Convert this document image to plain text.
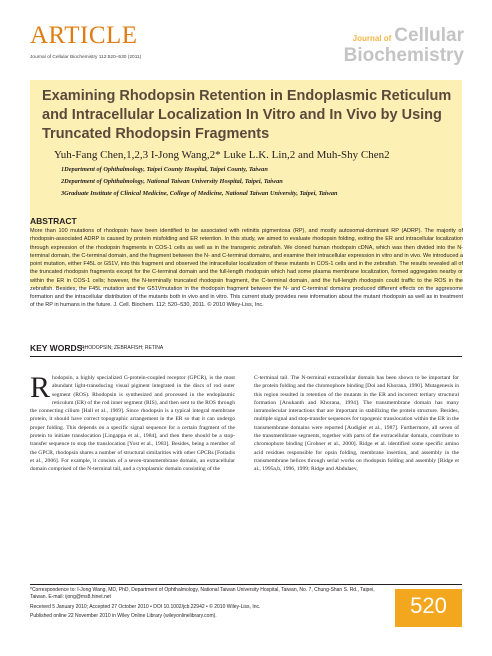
ARTICLE
Journal of Cellular Biochemistry 112:520–530 (2011)
Journal of Cellular
Biochemistry
Examining Rhodopsin Retention in Endoplasmic Reticulum and Intracellular Localization In Vitro and In Vivo by Using Truncated Rhodopsin Fragments
Yuh-Fang Chen,1,2,3 I-Jong Wang,2* Luke L.K. Lin,2 and Muh-Shy Chen2
1Department of Ophthalmology, Taipei County Hospital, Taipei County, Taiwan
2Department of Ophthalmology, National Taiwan University Hospital, Taipei, Taiwan
3Graduate Institute of Clinical Medicine, College of Medicine, National Taiwan University, Taipei, Taiwan
ABSTRACT
More than 100 mutations of rhodopsin have been identified to be associated with retinitis pigmentosa (RP), and mostly autosomal-dominant RP (ADRP). The majority of rhodopsin-associated ADRP is caused by protein misfolding and ER retention. In this study, we aimed to evaluate rhodopsin folding, exiting the ER and intracellular localization through expression of the rhodopsin fragments in COS-1 cells as well as in the transgenic zebrafish. We cloned human rhodopsin cDNA, which was then divided into the N-terminal domain, the C-terminal domain, and the fragment between the N- and C-terminal domains, and examine their intracellular expression in vitro and in vivo. We introduced a point mutation, either F45L or G51V, into this fragment and observed the intracellular localization of these mutants in COS-1 cells and in the zebrafish. The results revealed all of the truncated rhodopsin fragments except for the C-terminal domain and the full-length rhodopsin which had some plasma membrane localization, formed aggregates nearby or within the ER in COS-1 cells; however, the N-terminally truncated rhodopsin fragment, the C-terminal domain, and the full-length rhodopsin could traffic to the ROS in the zebrafish. Besides, the F45L mutation and the G51Vmutation in the rhodopsin fragment between the N- and C-terminal domains produced different effects on the aggresome formation and the intracellular distribution of the mutants both in vivo and in vitro. This current study provides new information about the mutant rhodopsin as well as in treatment of the RP in humans in the future. J. Cell. Biochem. 112: 520–530, 2011. © 2010 Wiley-Liss, Inc.
KEY WORDS:
RHODOPSIN; ZEBRAFISH; RETINA
Rhodopsin, a highly specialized G-protein-coupled receptor (GPCR), is the most abundant light-transducing visual pigment integrated in the discs of rod outer segment (ROS). Rhodopsin is synthesized and processed in the endoplasmic reticulum (ER) of the rod inner segment (RIS), and then sent to the ROS through the connecting cilium [Hall et al., 1969]. Since rhodopsin is a typical integral membrane protein, it should have correct topographic arrangement in the ER so that it can undergo proper folding. This depends on a specific signal sequence for a certain fragment of the protein to initiate translocation [Lingappa et al., 1984], and then there should be a stop-transfer sequence to stop the translocation [Yost et al., 1983]. Besides, being a member of the GPCR, rhodopsin shares a number of structural similarities with other GPCRs [Fotiadis et al., 2006]. For example, it consists of a seven-transmembrane domain, an extracellular domain comprised of the N-terminal tail, and a cytoplasmic domain consisting of the
C-terminal tail. The N-terminal extracellular domain has been shown to be important for the protein folding and the chromophore binding [Doi and Khorana, 1990]. Mutagenesis in this region resulted in retention of the mutants in the ER and incorrect tertiary structural formation [Anukanth and Khorana, 1994]. The transmembrane domain has many intramolecular interactions that are important in stabilizing the protein structure. Besides, multiple signal and stop-transfer sequences for topogenic translocation within the ER in the transmembrane domains were reported [Audigier et al., 1987]. Furthermore, all seven of the transmembrane segments, together with parts of the extracellular domain, contribute to chromophore binding [Grobner et al., 2000]. Ridge et al. identified some specific amino acid residues responsible for opsin folding, membrane insertion, and assembly in the transmembrane helices through serial works on rhodopsin folding and assembly [Ridge et al., 1995a,b, 1996, 1999; Ridge and Abdulaev,
*Correspondence to: I-Jong Wang, MD, PhD, Department of Ophthalmology, National Taiwan University Hospital, Taiwan, No. 7, Chung-Shan S. Rd., Taipei, Taiwan. E-mail: ijong@ms8.hinet.net
Received 5 January 2010; Accepted 27 October 2010 • DOI 10.1002/jcb.22942 • © 2010 Wiley-Liss, Inc.
Published online 22 November 2010 in Wiley Online Library (wileyonlinelibrary.com).	520
